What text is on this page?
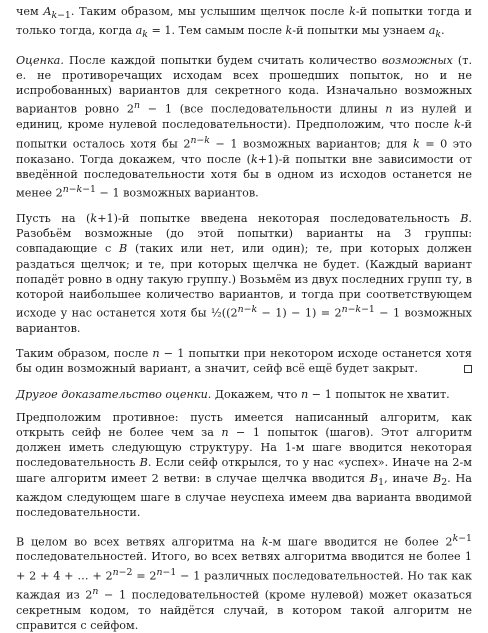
чем $A_{k-1}$. Таким образом, мы услышим щелчок после k-й попытки тогда и только тогда, когда $a_k = 1$. Тем самым после k-й попытки мы узнаем $a_k$.

Оценка. После каждой попытки будем считать количество возможных (т. е. не противоречащих исходам всех прошедших попыток, но и не испробованных) вариантов для секретного кода. Изначально возможных вариантов ровно $2^n - 1$ (все последовательности длины n из нулей и единиц, кроме нулевой последовательности). Предположим, что после k-й попытки осталось хотя бы $2^{n-k} - 1$ возможных вариантов; для k = 0 это показано. Тогда докажем, что после (k+1)-й попытки вне зависимости от введённой последовательности хотя бы в одном из исходов останется не менее $2^{n-k-1} - 1$ возможных вариантов.

Пусть на (k+1)-й попытке введена некоторая последовательность B. Разобьём возможные (до этой попытки) варианты на 3 группы: совпадающие с B (таких или нет, или один); те, при которых должен раздаться щелчок; и те, при которых щелчка не будет. (Каждый вариант попадёт ровно в одну такую группу.) Возьмём из двух последних групп ту, в которой наибольшее количество вариантов, и тогда при соответствующем исходе у нас останется хотя бы $\frac{1}{2}((2^{n-k} - 1) - 1) = 2^{n-k-1} - 1$ возможных вариантов.

Таким образом, после n − 1 попытки при некотором исходе останется хотя бы один возможный вариант, а значит, сейф всё ещё будет закрыт.

Другое доказательство оценки. Докажем, что n − 1 попыток не хватит.

Предположим противное: пусть имеется написанный алгоритм, как открыть сейф не более чем за n − 1 попыток (шагов). Этот алгоритм должен иметь следующую структуру. На 1-м шаге вводится некоторая последовательность B. Если сейф открылся, то у нас «успех». Иначе на 2-м шаге алгоритм имеет 2 ветви: в случае щелчка вводится $B_1$, иначе $B_2$. На каждом следующем шаге в случае неуспеха имеем два варианта вводимой последовательности.

В целом во всех ветвях алгоритма на k-м шаге вводится не более $2^{k-1}$ последовательностей. Итого, во всех ветвях алгоритма вводится не более 1 + 2 + 4 + … + $2^{n-2} = 2^{n-1} - 1$ различных последовательностей. Но так как каждая из $2^n - 1$ последовательностей (кроме нулевой) может оказаться секретным кодом, то найдётся случай, в котором такой алгоритм не справится с сейфом.
